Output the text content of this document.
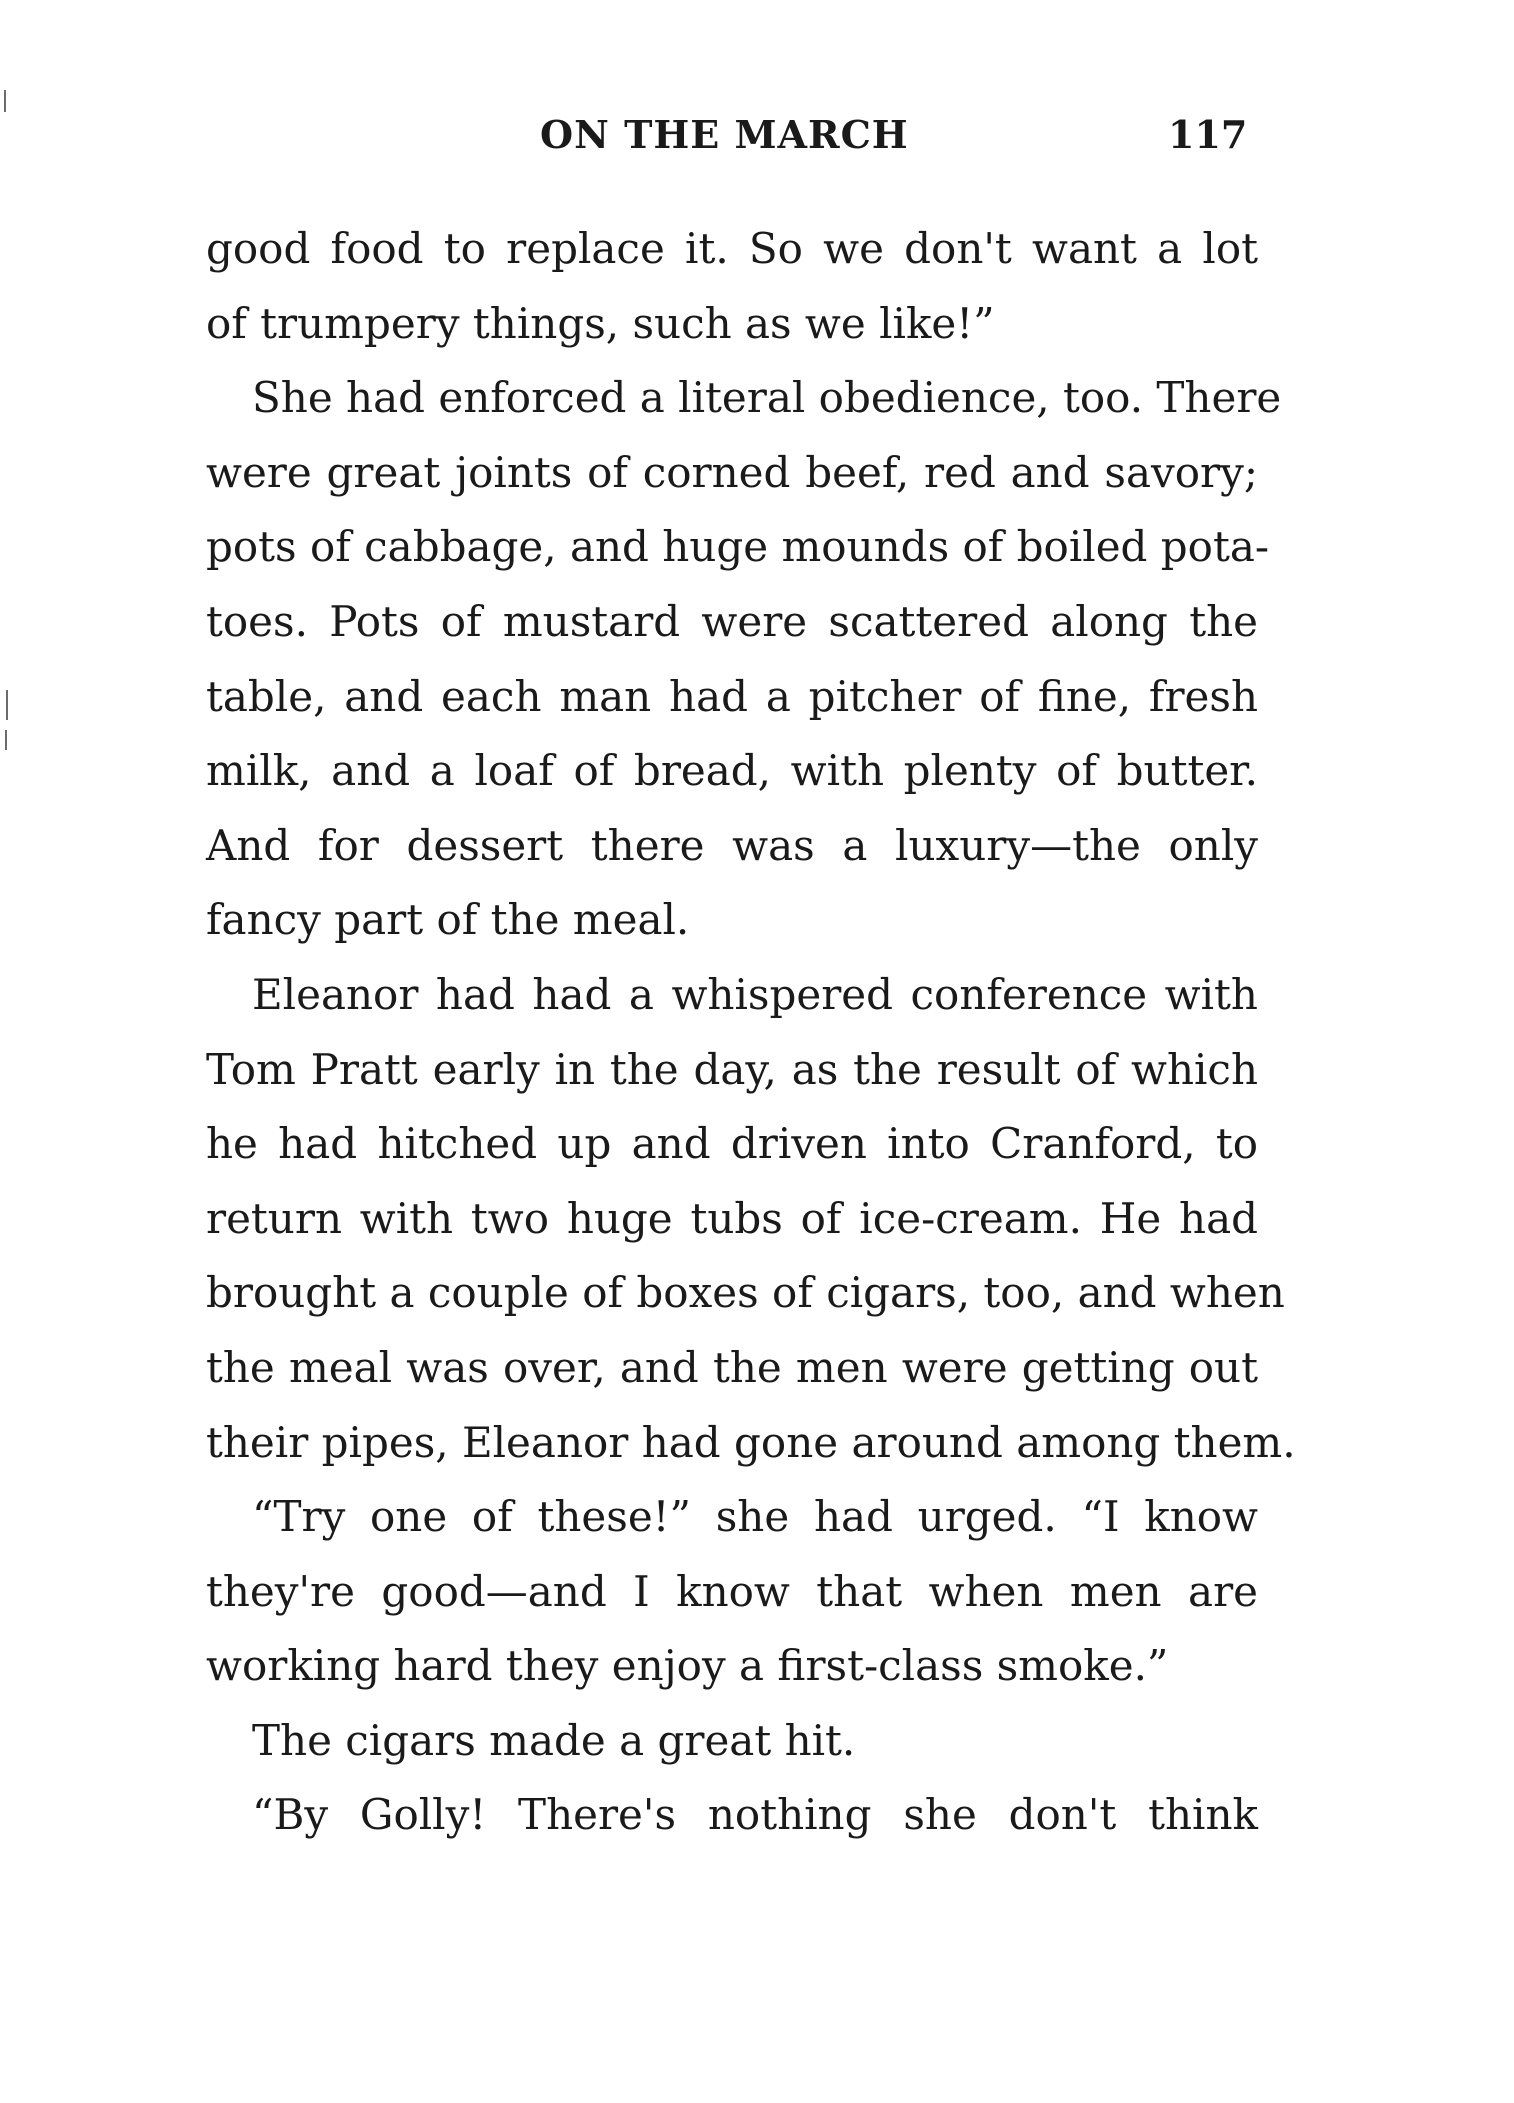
ON THE MARCH	117
good food to replace it. So we don't want a lot
of trumpery things, such as we like!”
She had enforced a literal obedience, too. There
were great joints of corned beef, red and savory;
pots of cabbage, and huge mounds of boiled pota-
toes. Pots of mustard were scattered along the
table, and each man had a pitcher of fine, fresh
milk, and a loaf of bread, with plenty of butter.
And for dessert there was a luxury—the only
fancy part of the meal.
Eleanor had had a whispered conference with
Tom Pratt early in the day, as the result of which
he had hitched up and driven into Cranford, to
return with two huge tubs of ice-cream. He had
brought a couple of boxes of cigars, too, and when
the meal was over, and the men were getting out
their pipes, Eleanor had gone around among them.
“Try one of these!” she had urged. “I know
they're good—and I know that when men are
working hard they enjoy a first-class smoke.”
The cigars made a great hit.
“By Golly! There's nothing she don't think
